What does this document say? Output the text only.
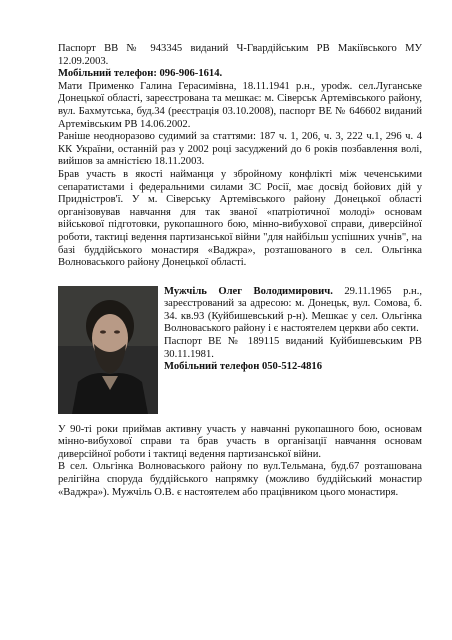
Паспорт ВВ № 943345 виданий Ч-Гвардійським РВ Макіївського МУ 12.09.2003.

Мобільний телефон: 096-906-1614.

Мати Применко Галина Герасимівна, 18.11.1941 р.н., урodж. сел.Луганське Донецької області, зареєстрована та мешкає: м. Сіверськ Артемівського району, вул. Бахмутська, буд.34 (реєстрація 03.10.2008), паспорт ВЕ № 646602 виданий Артемівським РВ 14.06.2002.

Раніше неодноразово судимий за статтями: 187 ч. 1, 206, ч. 3, 222 ч.1, 296 ч. 4 КК України, останній раз у 2002 році засуджений до 6 років позбавлення волі, вийшов за амністією 18.11.2003.

Брав участь в якості найманця у збройному конфлікті між чеченськими сепаратистами і федеральними силами ЗС Росії, має досвід бойових дій у Придністров'ї. У м. Сіверську Артемівського району Донецької області організовував навчання для так званої «патріотичної молоді» основам військової підготовки, рукопашного бою, мінно-вибухової справи, диверсійної роботи, тактиці ведення партизанської війни "для найбільш успішних учнів", на базі буддійського монастиря «Ваджра», розташованого в сел. Ольгінка Волноваського району Донецької області.

Мужчіль Олег Володимирович. 29.11.1965 р.н., зареєстрований за адресою: м. Донецьк, вул. Сомова, б. 34. кв.93 (Куйбишевський р-н). Мешкає у сел. Ольгінка Волноваського району і є настоятелем церкви або секти.

Паспорт ВЕ № 189115 виданий Куйбишевським РВ 30.11.1981.

Мобільний телефон 050-512-4816

У 90-ті роки приймав активну участь у навчанні рукопашного бою, основам мінно-вибухової справи та брав участь в організації навчання основам диверсійної роботи і тактиці ведення партизанської війни.

В сел. Ольгінка Волноваського району по вул.Тельмана, буд.67 розташована релігійна споруда буддійського напрямку (можливо буддійський монастир «Ваджра»). Мужчіль О.В. є настоятелем або працівником цього монастиря.
